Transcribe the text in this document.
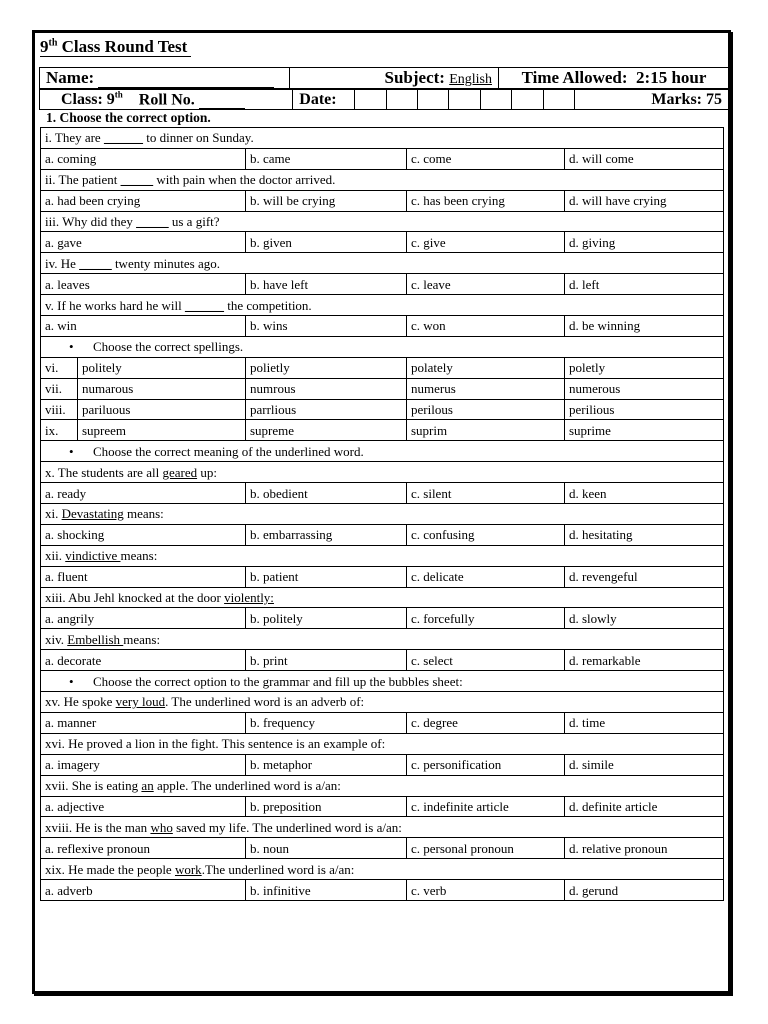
9th Class Round Test
Name:	Subject: English	Time Allowed: 2:15 hour
Class: 9th Roll No.	Date:								Marks: 75
1. Choose the correct option.
i. They are ______ to dinner on Sunday.				
a. coming		b. came	c. come	d. will come
ii. The patient _____ with pain when the doctor arrived.				
a. had been crying		b. will be crying	c. has been crying	d. will have crying
iii. Why did they _____ us a gift?				
a. gave		b. given	c. give	d. giving
iv. He _____ twenty minutes ago.				
a. leaves		b. have left	c. leave	d. left
v. If he works hard he will ______ the competition.				
a. win		b. wins	c. won	d. be winning
• Choose the correct spellings.
vi.	politely	polietly	polately	poletly
vii.	numarous	numrous	numerus	numerous
viii.	pariluous	parrlious	perilous	perilious
ix.	supreem	supreme	suprim	suprime
• Choose the correct meaning of the underlined word.
x. The students are all geared up:				
a. ready		b. obedient	c. silent	d. keen
xi. Devastating means:				
a. shocking		b. embarrassing	c. confusing	d. hesitating
xii. vindictive means:				
a. fluent		b. patient	c. delicate	d. revengeful
xiii. Abu Jehl knocked at the door violently:				
a. angrily		b. politely	c. forcefully	d. slowly
xiv. Embellish means:				
a. decorate		b. print	c. select	d. remarkable
• Choose the correct option to the grammar and fill up the bubbles sheet:
xv. He spoke very loud. The underlined word is an adverb of:				
a. manner		b. frequency	c. degree	d. time
xvi. He proved a lion in the fight. This sentence is an example of:				
a. imagery		b. metaphor	c. personification	d. simile
xvii. She is eating an apple. The underlined word is a/an:				
a. adjective		b. preposition	c. indefinite article	d. definite article
xviii. He is the man who saved my life. The underlined word is a/an:				
a. reflexive pronoun		b. noun	c. personal pronoun	d. relative pronoun
xix. He made the people work.The underlined word is a/an:				
a. adverb		b. infinitive	c. verb	d. gerund
